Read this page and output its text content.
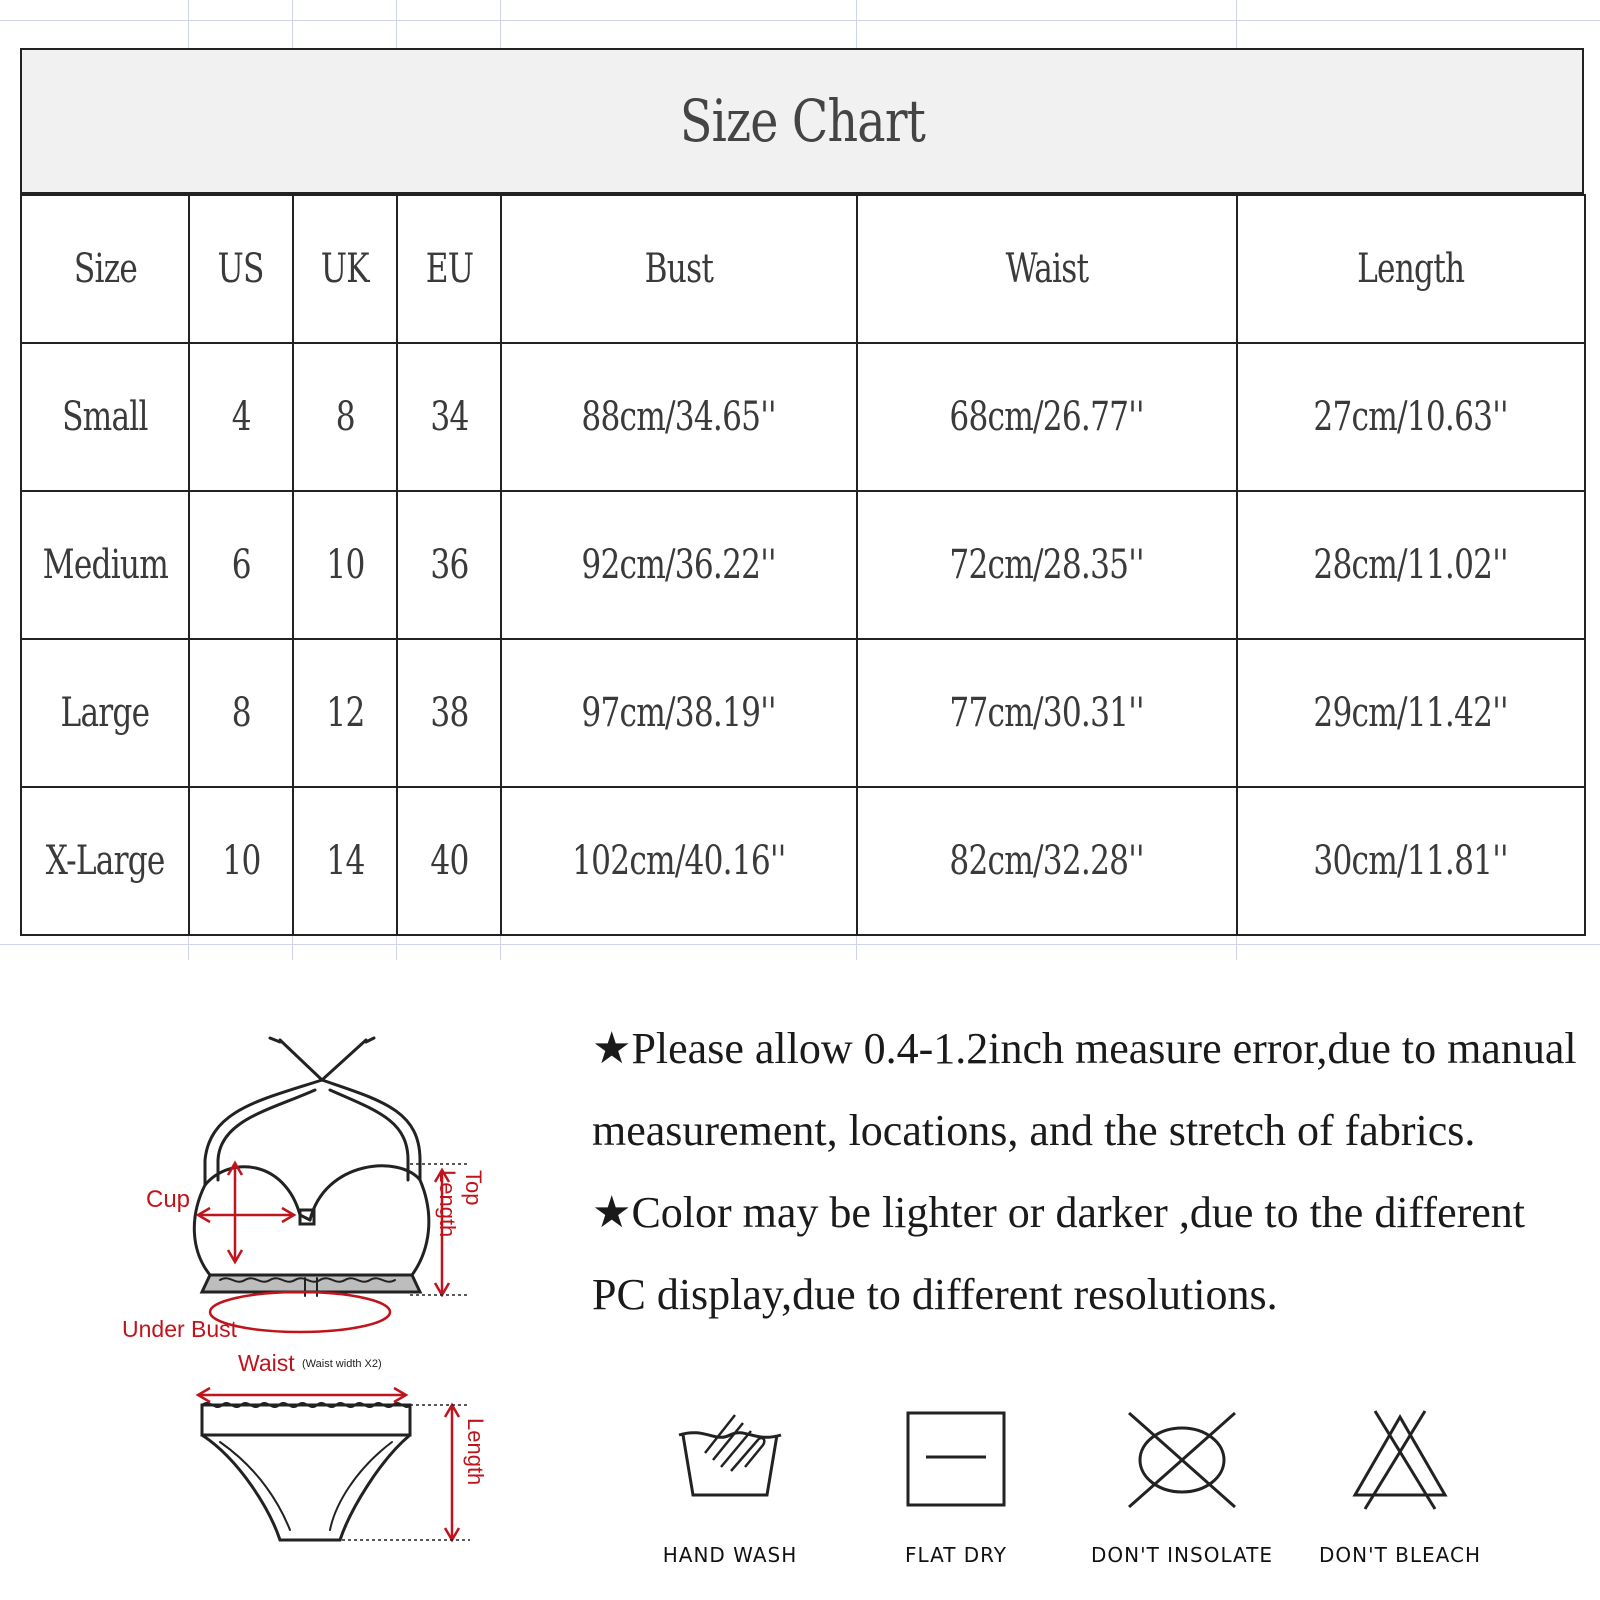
Size Chart
Size	US	UK	EU	Bust	Waist	Length
Small	4	8	34	88cm/34.65''	68cm/26.77''	27cm/10.63''
Medium	6	10	36	92cm/36.22''	72cm/28.35''	28cm/11.02''
Large	8	12	38	97cm/38.19''	77cm/30.31''	29cm/11.42''
X-Large	10	14	40	102cm/40.16''	82cm/32.28''	30cm/11.81''
Cup	Top Length
Under Bust
Waist (Waist width X2)
Length

★Please allow 0.4-1.2inch measure error,due to manual measurement, locations, and the stretch of fabrics.

★Color may be lighter or darker ,due to the different PC display,due to different resolutions.

HAND WASH	FLAT DRY	DON'T INSOLATE	DON'T BLEACH
